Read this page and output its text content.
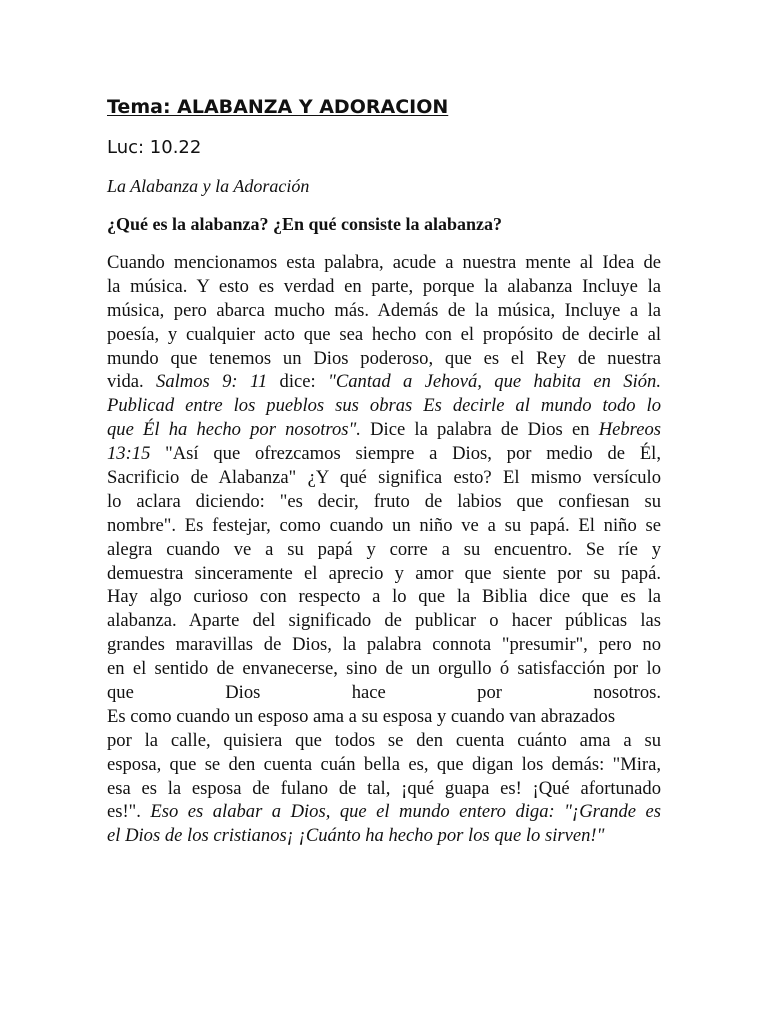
Tema: ALABANZA Y ADORACION
Luc: 10.22
La Alabanza y la Adoración
¿Qué es la alabanza? ¿En qué consiste la alabanza?
Cuando mencionamos esta palabra, acude a nuestra mente al Idea de
la música. Y esto es verdad en parte, porque la alabanza Incluye la
música, pero abarca mucho más. Además de la música, Incluye a la
poesía, y cualquier acto que sea hecho con el propósito de decirle al
mundo que tenemos un Dios poderoso, que es el Rey de nuestra
vida. Salmos 9: 11 dice: "Cantad a Jehová, que habita en Sión.
Publicad entre los pueblos sus obras Es decirle al mundo todo lo
que Él ha hecho por nosotros". Dice la palabra de Dios en Hebreos
13:15 "Así que ofrezcamos siempre a Dios, por medio de Él,
Sacrificio de Alabanza" ¿Y qué significa esto? El mismo versículo
lo aclara diciendo: "es decir, fruto de labios que confiesan su
nombre". Es festejar, como cuando un niño ve a su papá. El niño se
alegra cuando ve a su papá y corre a su encuentro. Se ríe y
demuestra sinceramente el aprecio y amor que siente por su papá.
Hay algo curioso con respecto a lo que la Biblia dice que es la
alabanza. Aparte del significado de publicar o hacer públicas las
grandes maravillas de Dios, la palabra connota "presumir", pero no
en el sentido de envanecerse, sino de un orgullo ó satisfacción por lo
que Dios hace por nosotros.
Es como cuando un esposo ama a su esposa y cuando van abrazados
por la calle, quisiera que todos se den cuenta cuánto ama a su
esposa, que se den cuenta cuán bella es, que digan los demás: "Mira,
esa es la esposa de fulano de tal, ¡qué guapa es! ¡Qué afortunado
es!". Eso es alabar a Dios, que el mundo entero diga: "¡Grande es
el Dios de los cristianos¡ ¡Cuánto ha hecho por los que lo sirven!"
